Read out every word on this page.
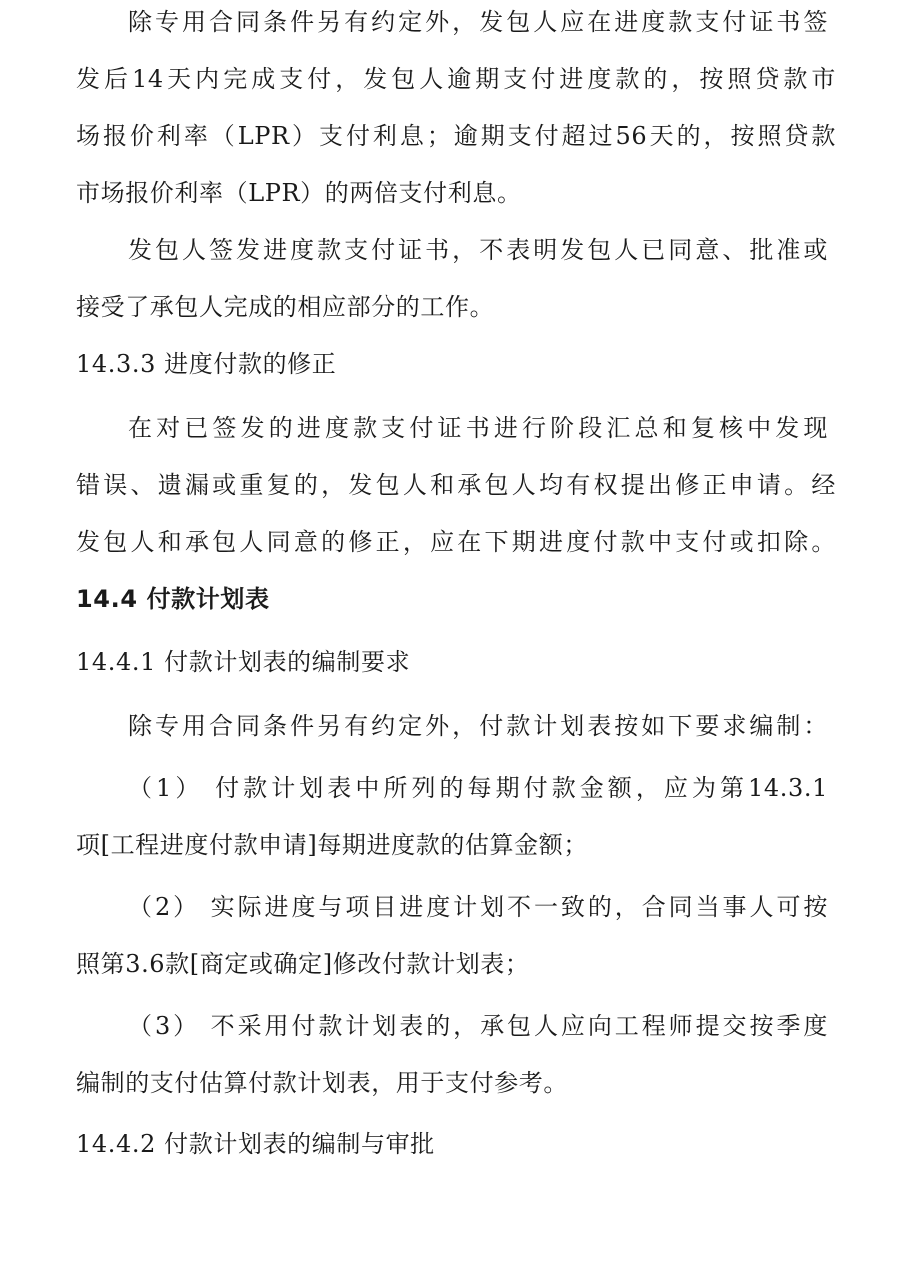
除专用合同条件另有约定外，发包人应在进度款支付证书签
发后14天内完成支付，发包人逾期支付进度款的，按照贷款市
场报价利率（LPR）支付利息；逾期支付超过56天的，按照贷款
市场报价利率（LPR）的两倍支付利息。
发包人签发进度款支付证书，不表明发包人已同意、批准或
接受了承包人完成的相应部分的工作。
14.3.3 进度付款的修正
在对已签发的进度款支付证书进行阶段汇总和复核中发现
错误、遗漏或重复的，发包人和承包人均有权提出修正申请。经
发包人和承包人同意的修正，应在下期进度付款中支付或扣除。
14.4 付款计划表
14.4.1 付款计划表的编制要求
除专用合同条件另有约定外，付款计划表按如下要求编制：
（1） 付款计划表中所列的每期付款金额，应为第14.3.1
项[工程进度付款申请]每期进度款的估算金额；
（2） 实际进度与项目进度计划不一致的，合同当事人可按
照第3.6款[商定或确定]修改付款计划表；
（3） 不采用付款计划表的，承包人应向工程师提交按季度
编制的支付估算付款计划表，用于支付参考。
14.4.2 付款计划表的编制与审批
